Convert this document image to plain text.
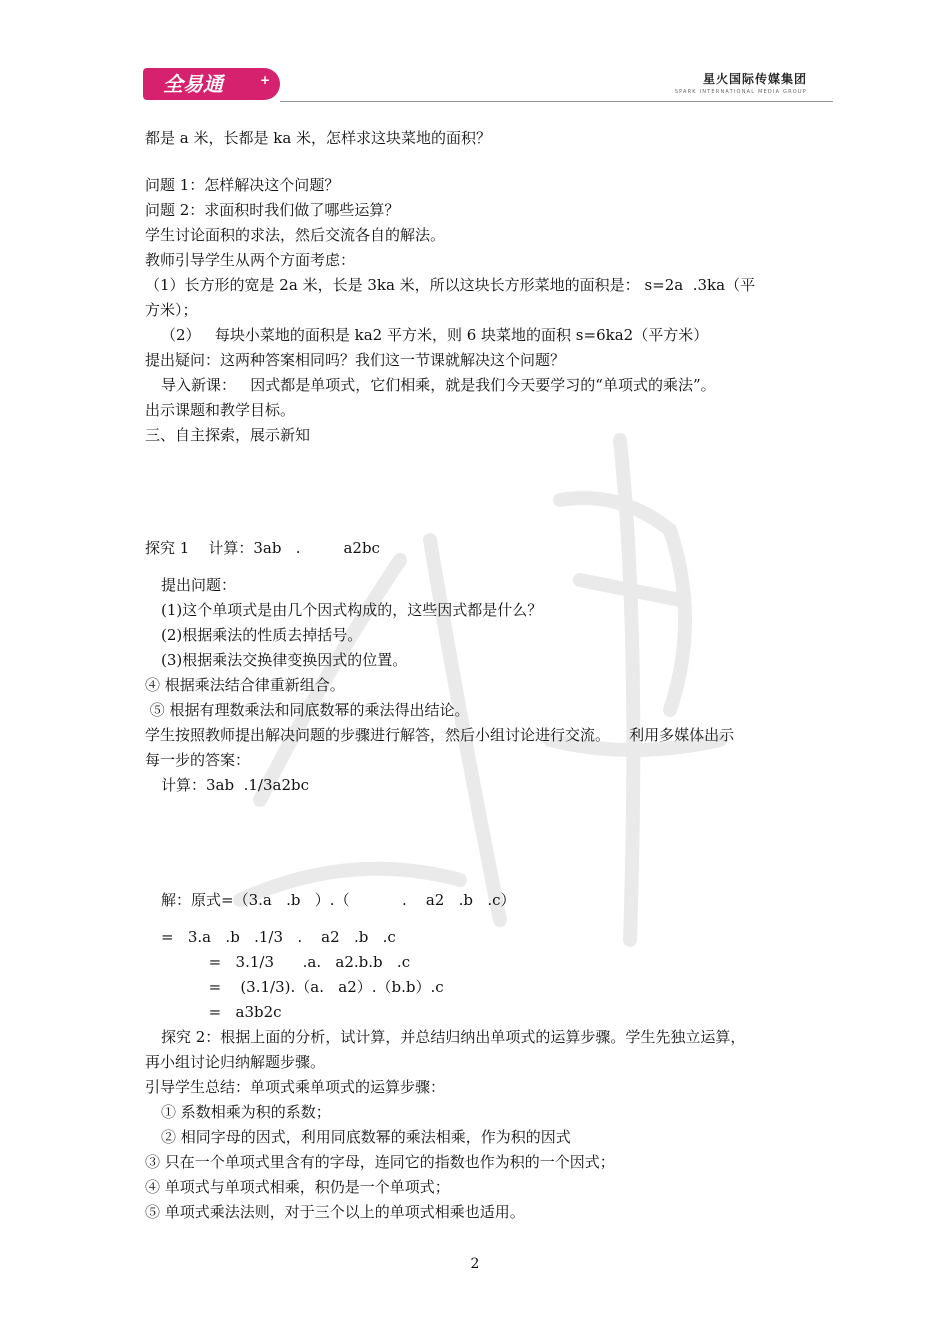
全易通	+	星火国际传媒集团
SPARK INTERNATIONAL MEDIA GROUP
都是 a 米，长都是 ka 米，怎样求这块菜地的面积？
问题 1：怎样解决这个问题？
问题 2：求面积时我们做了哪些运算？
学生讨论面积的求法，然后交流各自的解法。
教师引导学生从两个方面考虑：
（1）长方形的宽是 2a 米，长是 3ka 米，所以这块长方形菜地的面积是： s=2a  .3ka（平
方米）；
（2）   每块小菜地的面积是 ka2 平方米，则 6 块菜地的面积 s=6ka2（平方米）
提出疑问：这两种答案相同吗？我们这一节课就解决这个问题？
导入新课：   因式都是单项式，它们相乘，就是我们今天要学习的“单项式的乘法”。
出示课题和教学目标。
三、自主探索，展示新知
探究 1    计算：3ab   .         a2bc
提出问题：
(1)这个单项式是由几个因式构成的，这些因式都是什么？
(2)根据乘法的性质去掉括号。
(3)根据乘法交换律变换因式的位置。
④ 根据乘法结合律重新组合。
⑤ 根据有理数乘法和同底数幂的乘法得出结论。
学生按照教师提出解决问题的步骤进行解答，然后小组讨论进行交流。    利用多媒体出示
每一步的答案：
计算：3ab  .1/3a2bc
解：原式=（3.a   .b   ）.（           .    a2   .b   .c）
=   3.a   .b   .1/3   .    a2   .b   .c
=   3.1/3      .a.   a2.b.b   .c
=    (3.1/3).（a.   a2）.（b.b）.c
=   a3b2c
探究 2：根据上面的分析，试计算，并总结归纳出单项式的运算步骤。学生先独立运算，
再小组讨论归纳解题步骤。
引导学生总结：单项式乘单项式的运算步骤：
① 系数相乘为积的系数；
② 相同字母的因式，利用同底数幂的乘法相乘，作为积的因式
③ 只在一个单项式里含有的字母，连同它的指数也作为积的一个因式；
④ 单项式与单项式相乘，积仍是一个单项式；
⑤ 单项式乘法法则，对于三个以上的单项式相乘也适用。
2
